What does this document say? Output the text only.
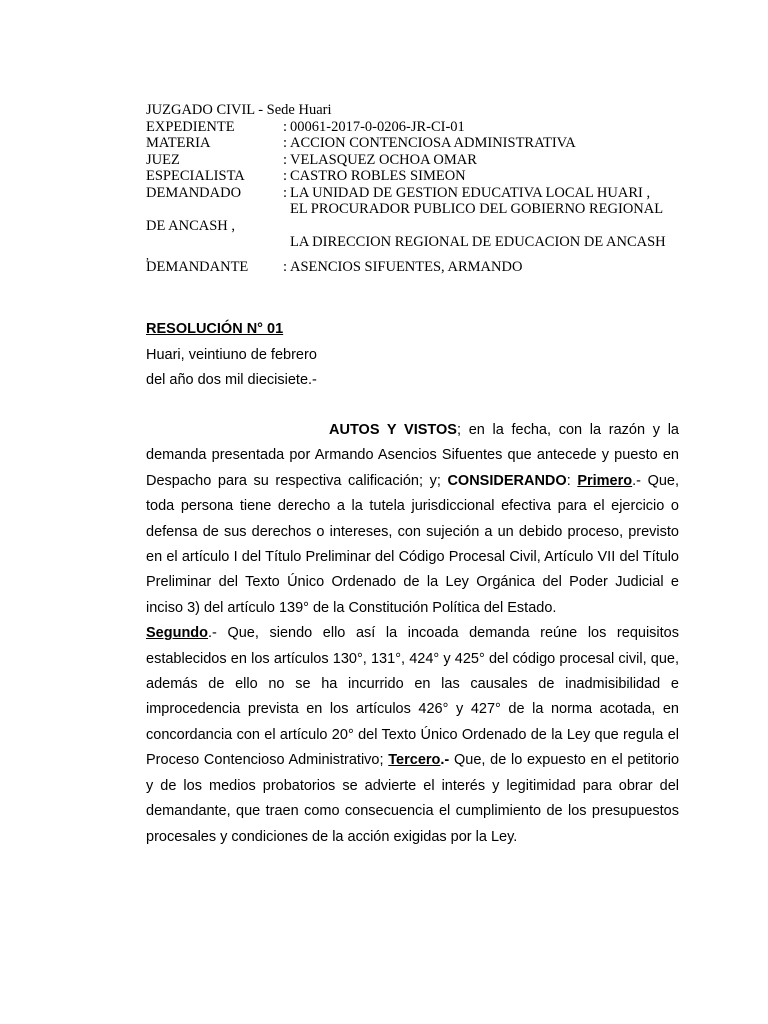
JUZGADO CIVIL - Sede Huari
EXPEDIENTE	: 00061-2017-0-0206-JR-CI-01
MATERIA	: ACCION CONTENCIOSA ADMINISTRATIVA
JUEZ	: VELASQUEZ OCHOA OMAR
ESPECIALISTA	: CASTRO ROBLES SIMEON
DEMANDADO	: LA UNIDAD DE GESTION EDUCATIVA LOCAL HUARI ,
EL PROCURADOR PUBLICO DEL GOBIERNO REGIONAL
DE ANCASH ,
LA DIRECCION REGIONAL DE EDUCACION DE ANCASH
,
DEMANDANTE : ASENCIOS SIFUENTES, ARMANDO
RESOLUCIÓN N° 01
Huari, veintiuno de febrero
del año dos mil diecisiete.-
AUTOS Y VISTOS; en la fecha, con la razón y la demanda presentada por Armando Asencios Sifuentes que antecede y puesto en Despacho para su respectiva calificación; y; CONSIDERANDO: Primero.- Que, toda persona tiene derecho a la tutela jurisdiccional efectiva para el ejercicio o defensa de sus derechos o intereses, con sujeción a un debido proceso, previsto en el artículo I del Título Preliminar del Código Procesal Civil, Artículo VII del Título Preliminar del Texto Único Ordenado de la Ley Orgánica del Poder Judicial e inciso 3) del artículo 139° de la Constitución Política del Estado.
Segundo.- Que, siendo ello así la incoada demanda reúne los requisitos establecidos en los artículos 130°, 131°, 424° y 425° del código procesal civil, que, además de ello no se ha incurrido en las causales de inadmisibilidad e improcedencia prevista en los artículos 426° y 427° de la norma acotada, en concordancia con el artículo 20° del Texto Único Ordenado de la Ley que regula el Proceso Contencioso Administrativo; Tercero.- Que, de lo expuesto en el petitorio y de los medios probatorios se advierte el interés y legitimidad para obrar del demandante, que traen como consecuencia el cumplimiento de los presupuestos procesales y condiciones de la acción exigidas por la Ley.
